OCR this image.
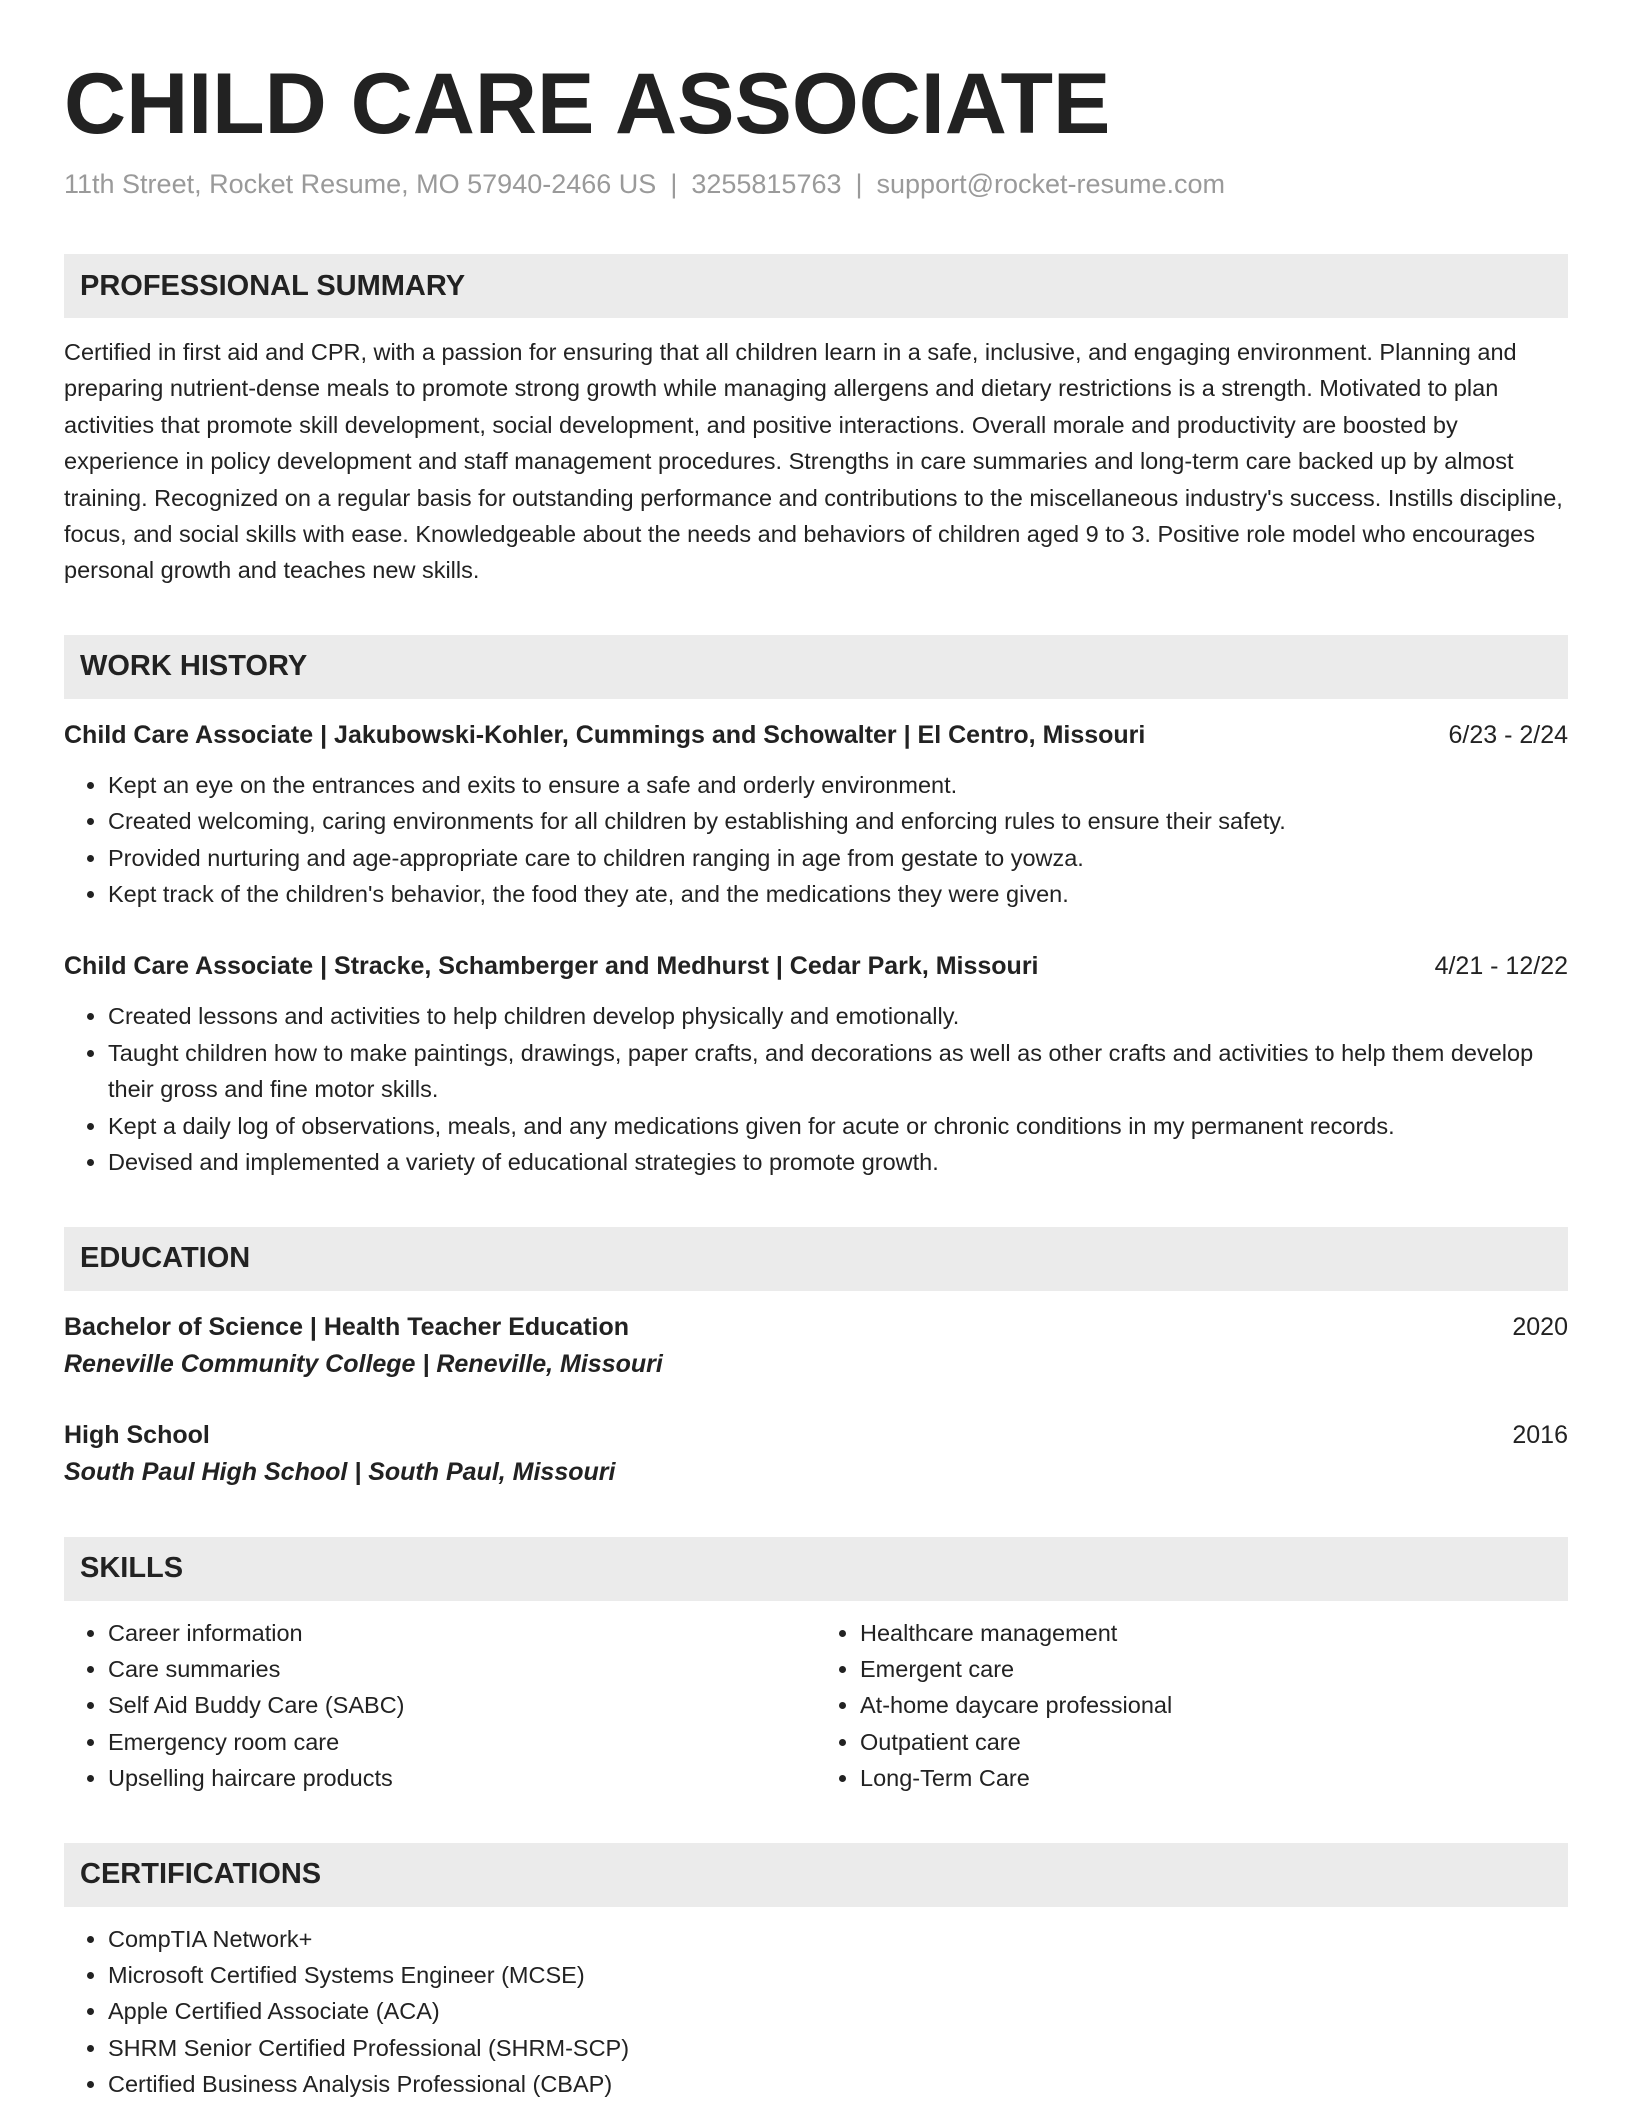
CHILD CARE ASSOCIATE
11th Street, Rocket Resume, MO 57940-2466 US | 3255815763 | support@rocket-resume.com
PROFESSIONAL SUMMARY
Certified in first aid and CPR, with a passion for ensuring that all children learn in a safe, inclusive, and engaging environment. Planning and preparing nutrient-dense meals to promote strong growth while managing allergens and dietary restrictions is a strength. Motivated to plan activities that promote skill development, social development, and positive interactions. Overall morale and productivity are boosted by experience in policy development and staff management procedures. Strengths in care summaries and long-term care backed up by almost training. Recognized on a regular basis for outstanding performance and contributions to the miscellaneous industry's success. Instills discipline, focus, and social skills with ease. Knowledgeable about the needs and behaviors of children aged 9 to 3. Positive role model who encourages personal growth and teaches new skills.
WORK HISTORY
Child Care Associate | Jakubowski-Kohler, Cummings and Schowalter | El Centro, Missouri	6/23 - 2/24
• Kept an eye on the entrances and exits to ensure a safe and orderly environment.
• Created welcoming, caring environments for all children by establishing and enforcing rules to ensure their safety.
• Provided nurturing and age-appropriate care to children ranging in age from gestate to yowza.
• Kept track of the children's behavior, the food they ate, and the medications they were given.
Child Care Associate | Stracke, Schamberger and Medhurst | Cedar Park, Missouri	4/21 - 12/22
• Created lessons and activities to help children develop physically and emotionally.
• Taught children how to make paintings, drawings, paper crafts, and decorations as well as other crafts and activities to help them develop their gross and fine motor skills.
• Kept a daily log of observations, meals, and any medications given for acute or chronic conditions in my permanent records.
• Devised and implemented a variety of educational strategies to promote growth.
EDUCATION
Bachelor of Science | Health Teacher Education	2020
Reneville Community College | Reneville, Missouri
High School	2016
South Paul High School | South Paul, Missouri
SKILLS
• Career information
• Care summaries
• Self Aid Buddy Care (SABC)
• Emergency room care
• Upselling haircare products
• Healthcare management
• Emergent care
• At-home daycare professional
• Outpatient care
• Long-Term Care
CERTIFICATIONS
• CompTIA Network+
• Microsoft Certified Systems Engineer (MCSE)
• Apple Certified Associate (ACA)
• SHRM Senior Certified Professional (SHRM-SCP)
• Certified Business Analysis Professional (CBAP)
